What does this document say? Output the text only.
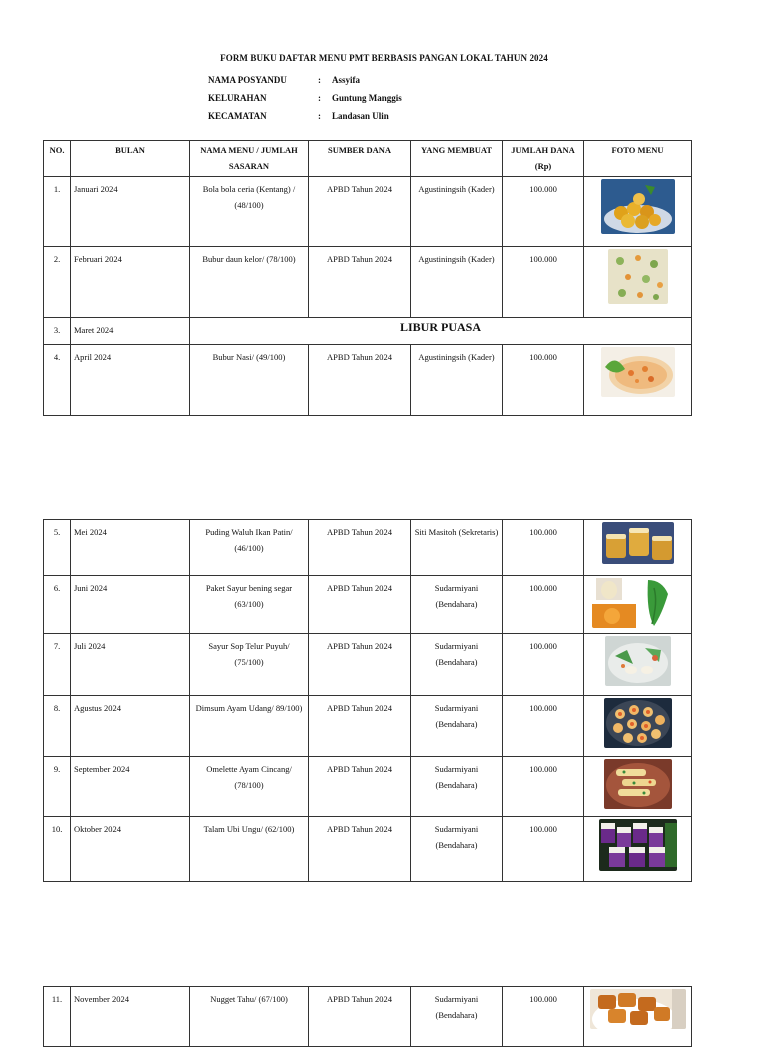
FORM BUKU DAFTAR MENU PMT BERBASIS PANGAN LOKAL TAHUN 2024
NAMA POSYANDU	: Assyifa
KELURAHAN	: Guntung Manggis
KECAMATAN	: Landasan Ulin
NO.	BULAN	NAMA MENU / JUMLAH SASARAN	SUMBER DANA	YANG MEMBUAT	JUMLAH DANA (Rp)	FOTO MENU
1.	Januari 2024	Bola bola ceria (Kentang) / (48/100)	APBD Tahun 2024	Agustiningsih (Kader)	100.000	
2.	Februari 2024	Bubur daun kelor/ (78/100)	APBD Tahun 2024	Agustiningsih (Kader)	100.000	
3.	Maret 2024	LIBUR PUASA				
4.	April 2024	Bubur Nasi/ (49/100)	APBD Tahun 2024	Agustiningsih (Kader)	100.000	
5.	Mei 2024	Puding Waluh Ikan Patin/ (46/100)	APBD Tahun 2024	Siti Masitoh (Sekretaris)	100.000	
6.	Juni 2024	Paket Sayur bening segar (63/100)	APBD Tahun 2024	Sudarmiyani (Bendahara)	100.000	
7.	Juli 2024	Sayur Sop Telur Puyuh/ (75/100)	APBD Tahun 2024	Sudarmiyani (Bendahara)	100.000	
8.	Agustus 2024	Dimsum Ayam Udang/ 89/100)	APBD Tahun 2024	Sudarmiyani (Bendahara)	100.000	
9.	September 2024	Omelette Ayam Cincang/ (78/100)	APBD Tahun 2024	Sudarmiyani (Bendahara)	100.000	
10.	Oktober 2024	Talam Ubi Ungu/ (62/100)	APBD Tahun 2024	Sudarmiyani (Bendahara)	100.000	
11.	November 2024	Nugget Tahu/ (67/100)	APBD Tahun 2024	Sudarmiyani (Bendahara)	100.000	
